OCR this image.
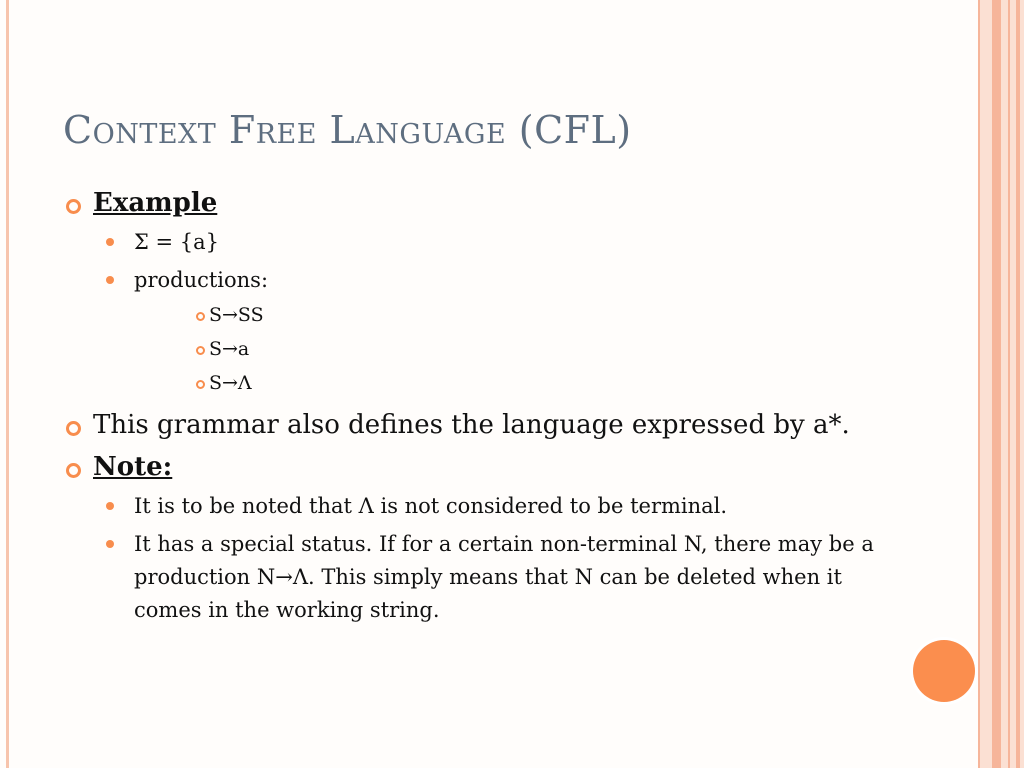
Context Free Language (CFL)
Example
Σ = {a}
productions:
S→SS
S→a
S→Λ
This grammar also defines the language expressed by a*.
Note:
It is to be noted that Λ is not considered to be terminal.
It has a special status. If for a certain non-terminal N, there may be a production N→Λ. This simply means that N can be deleted when it comes in the working string.
